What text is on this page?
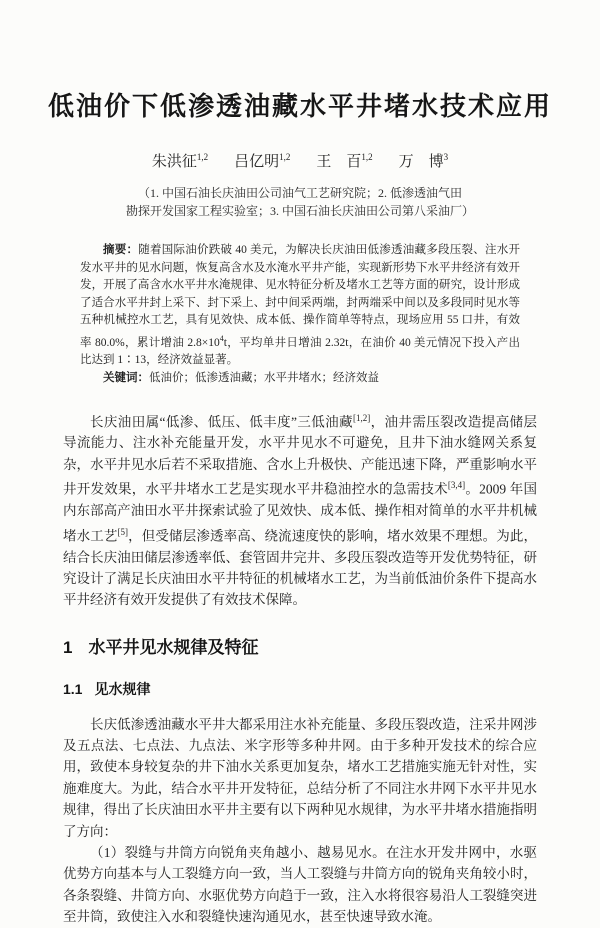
低油价下低渗透油藏水平井堵水技术应用
朱洪征$^{1,2}$ 吕亿明$^{1,2}$ 王　百$^{1,2}$ 万　博$^3$
（1. 中国石油长庆油田公司油气工艺研究院；2. 低渗透油气田
勘探开发国家工程实验室；3. 中国石油长庆油田公司第八采油厂）

摘要：随着国际油价跌破 40 美元，为解决长庆油田低渗透油藏多段压裂、注水开发水平井的见水问题，恢复高含水及水淹水平井产能，实现新形势下水平井经济有效开发，开展了高含水水平井水淹规律、见水特征分析及堵水工艺等方面的研究，设计形成了适合水平井封上采下、封下采上、封中间采两端，封两端采中间以及多段同时见水等五种机械控水工艺，具有见效快、成本低、操作简单等特点，现场应用 55 口井，有效率 80.0%，累计增油 $2.8\times 10^4t$，平均单井日增油 2.32t，在油价 40 美元情况下投入产出比达到 1∶13，经济效益显著。

关键词：低油价；低渗透油藏；水平井堵水；经济效益

长庆油田属“低渗、低压、低丰度”三低油藏[1,2]，油井需压裂改造提高储层导流能力、注水补充能量开发，水平井见水不可避免，且井下油水缝网关系复杂，水平井见水后若不采取措施、含水上升极快、产能迅速下降，严重影响水平井开发效果，水平井堵水工艺是实现水平井稳油控水的急需技术[3,4]。2009 年国内东部高产油田水平井探索试验了见效快、成本低、操作相对简单的水平井机械堵水工艺[5]，但受储层渗透率高、绕流速度快的影响，堵水效果不理想。为此，结合长庆油田储层渗透率低、套管固井完井、多段压裂改造等开发优势特征，研究设计了满足长庆油田水平井特征的机械堵水工艺，为当前低油价条件下提高水平井经济有效开发提供了有效技术保障。

1 水平井见水规律及特征
1.1 见水规律

长庆低渗透油藏水平井大都采用注水补充能量、多段压裂改造，注采井网涉及五点法、七点法、九点法、米字形等多种井网。由于多种开发技术的综合应用，致使本身较复杂的井下油水关系更加复杂，堵水工艺措施实施无针对性，实施难度大。为此，结合水平井开发特征，总结分析了不同注水井网下水平井见水规律，得出了长庆油田水平井主要有以下两种见水规律，为水平井堵水措施指明了方向：

（1）裂缝与井筒方向锐角夹角越小、越易见水。在注水开发井网中，水驱优势方向基本与人工裂缝方向一致，当人工裂缝与井筒方向的锐角夹角较小时，各条裂缝、井筒方向、水驱优势方向趋于一致，注入水将很容易沿人工裂缝突进至井筒，致使注入水和裂缝快速沟通见水，甚至快速导致水淹。
